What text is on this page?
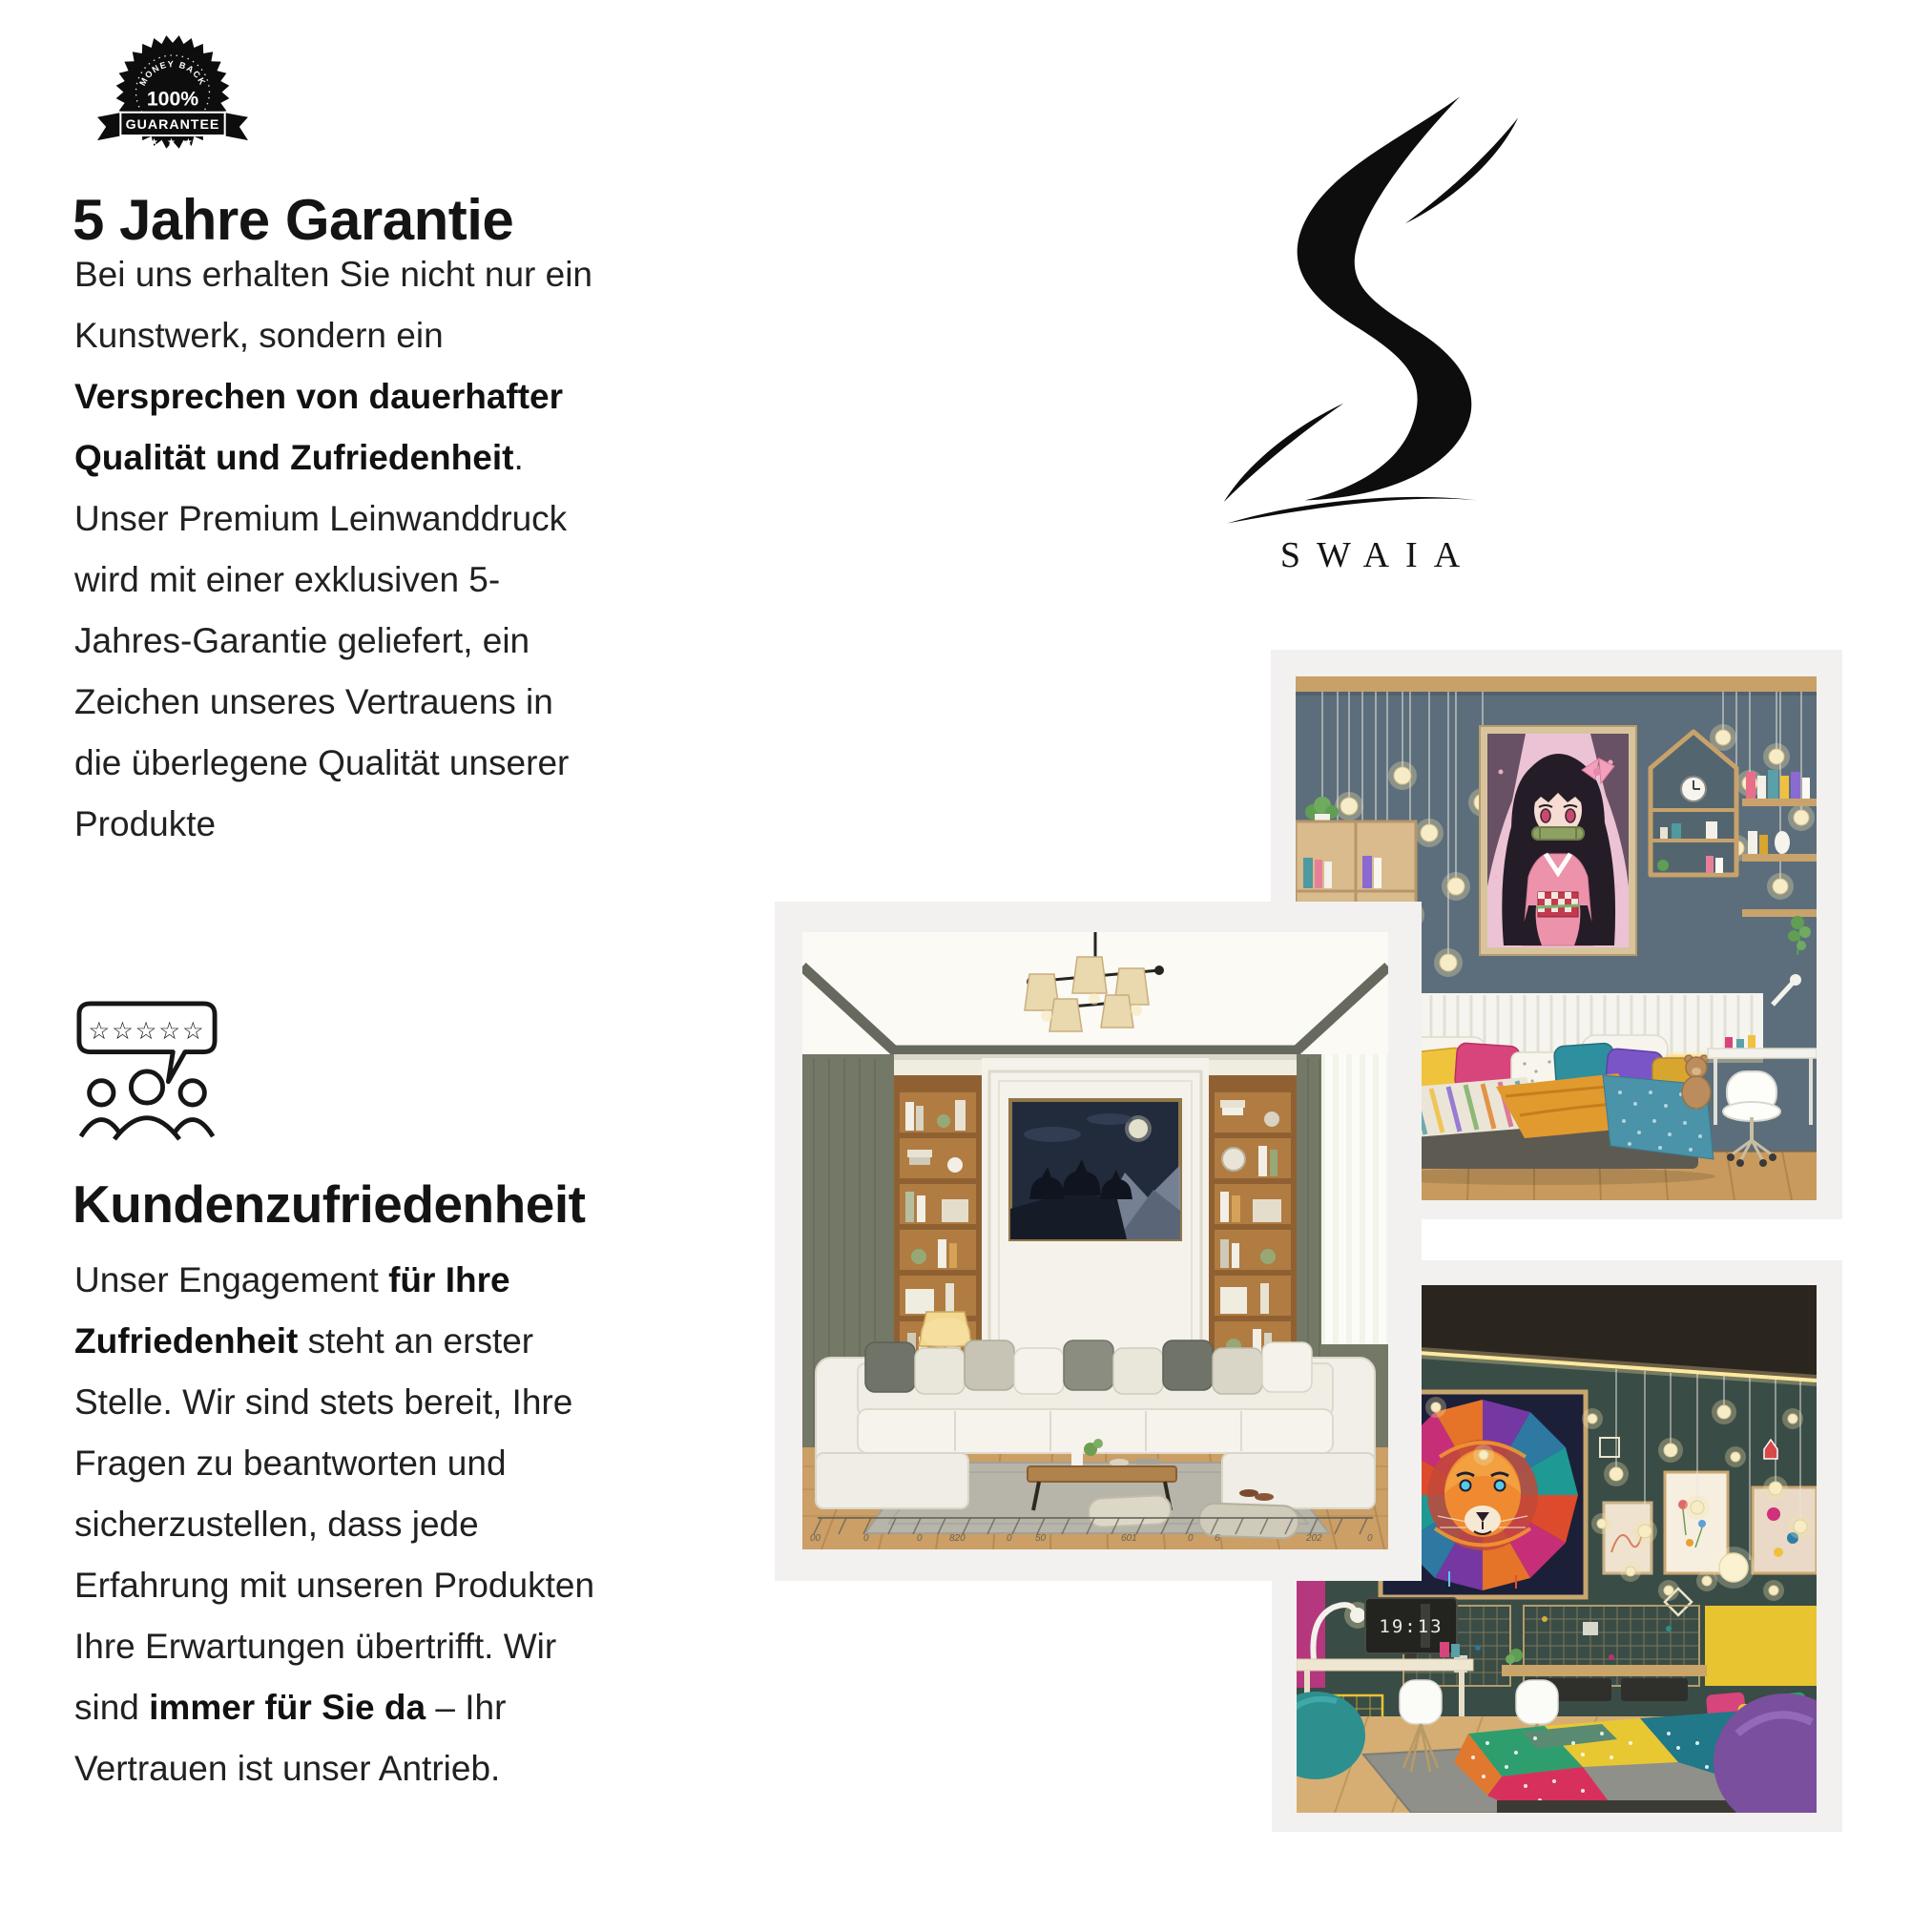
MONEY BACK
100%
GUARANTEE
★ ★ ★
5 Jahre Garantie
Bei uns erhalten Sie nicht nur ein Kunstwerk, sondern ein Versprechen von dauerhafter Qualität und Zufriedenheit. Unser Premium Leinwanddruck wird mit einer exklusiven 5-Jahres-Garantie geliefert, ein Zeichen unseres Vertrauens in die überlegene Qualität unserer Produkte
☆☆☆☆☆
Kundenzufriedenheit
Unser Engagement für Ihre Zufriedenheit steht an erster Stelle. Wir sind stets bereit, Ihre Fragen zu beantworten und sicherzustellen, dass jede Erfahrung mit unseren Produkten Ihre Erwartungen übertrifft. Wir sind immer für Sie da – Ihr Vertrauen ist unser Antrieb.
SWAIA
00	0	0	820	0 50	601	0 6	202	0
19:13
